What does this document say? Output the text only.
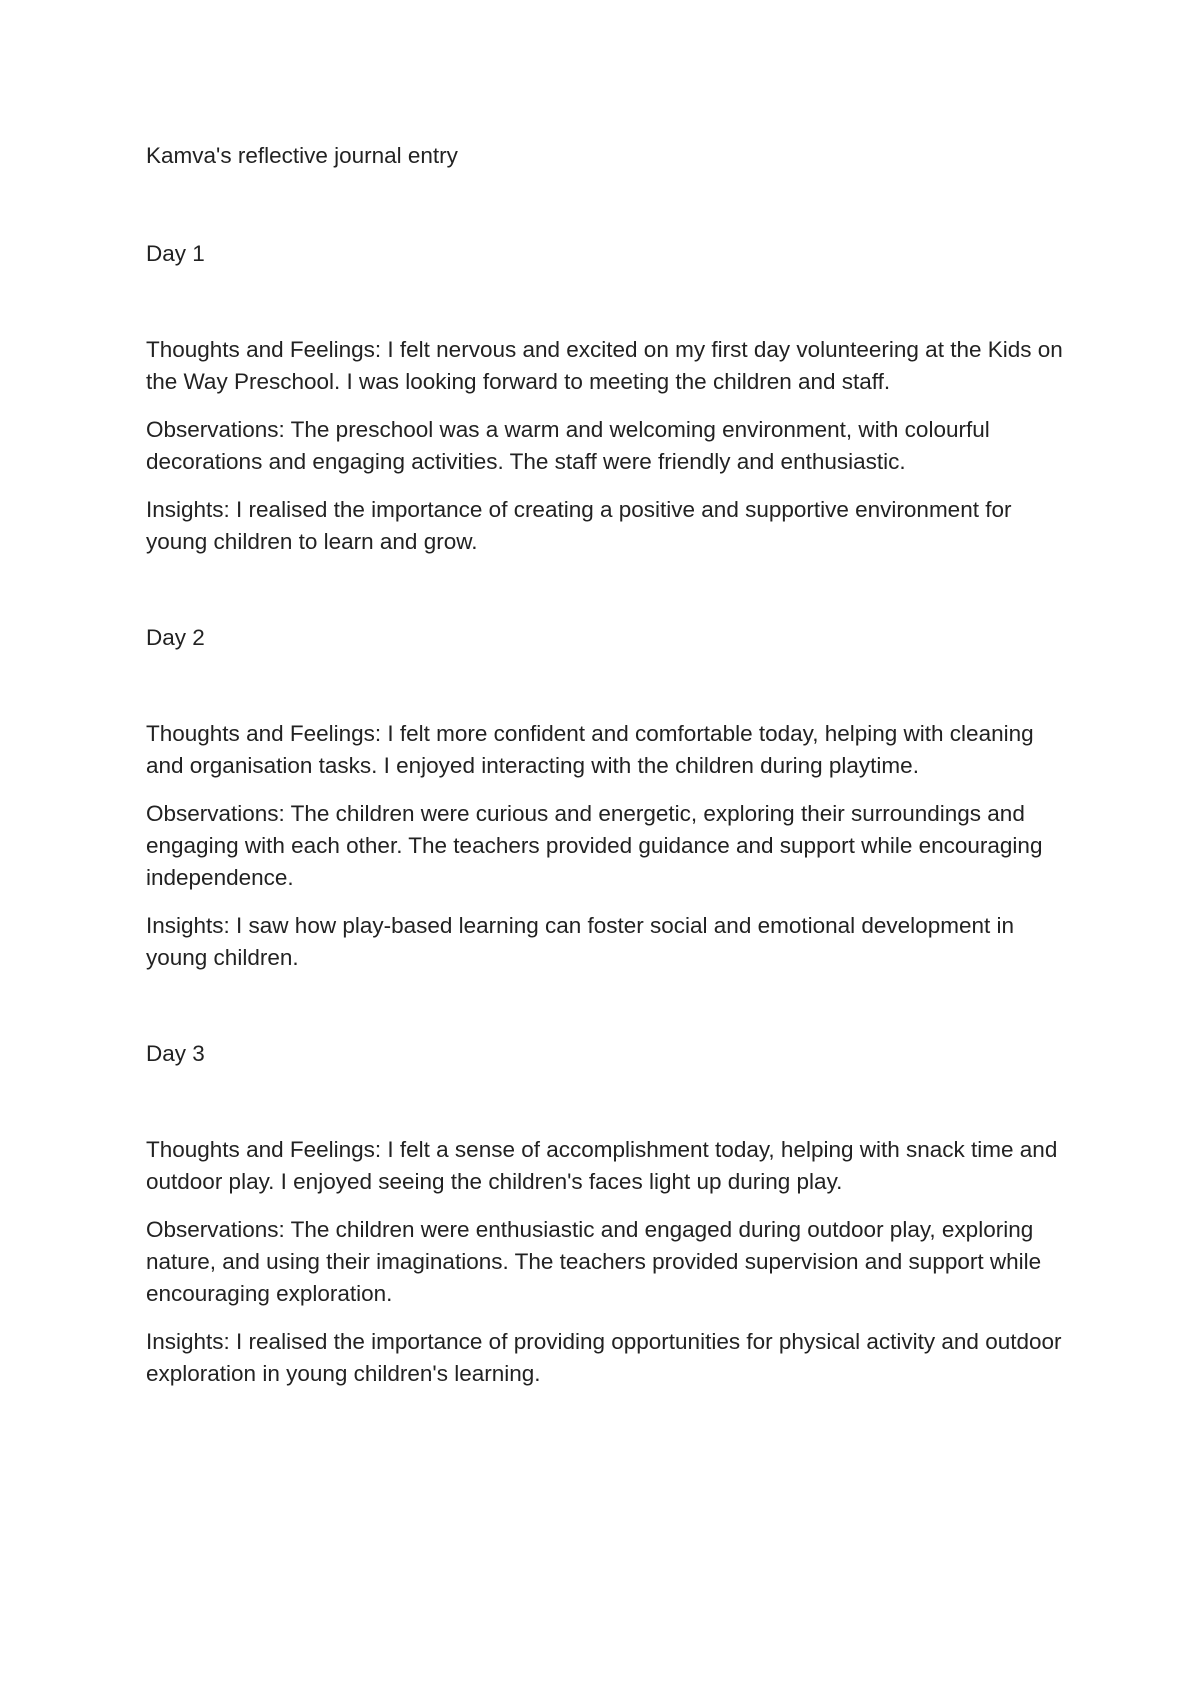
Kamva's reflective journal entry
Day 1

Thoughts and Feelings: I felt nervous and excited on my first day volunteering at the Kids on the Way Preschool. I was looking forward to meeting the children and staff.

Observations: The preschool was a warm and welcoming environment, with colourful decorations and engaging activities. The staff were friendly and enthusiastic.

Insights: I realised the importance of creating a positive and supportive environment for young children to learn and grow.

Day 2

Thoughts and Feelings: I felt more confident and comfortable today, helping with cleaning and organisation tasks. I enjoyed interacting with the children during playtime.

Observations: The children were curious and energetic, exploring their surroundings and engaging with each other. The teachers provided guidance and support while encouraging independence.

Insights: I saw how play-based learning can foster social and emotional development in young children.

Day 3

Thoughts and Feelings: I felt a sense of accomplishment today, helping with snack time and outdoor play. I enjoyed seeing the children's faces light up during play.

Observations: The children were enthusiastic and engaged during outdoor play, exploring nature, and using their imaginations. The teachers provided supervision and support while encouraging exploration.

Insights: I realised the importance of providing opportunities for physical activity and outdoor exploration in young children's learning.
